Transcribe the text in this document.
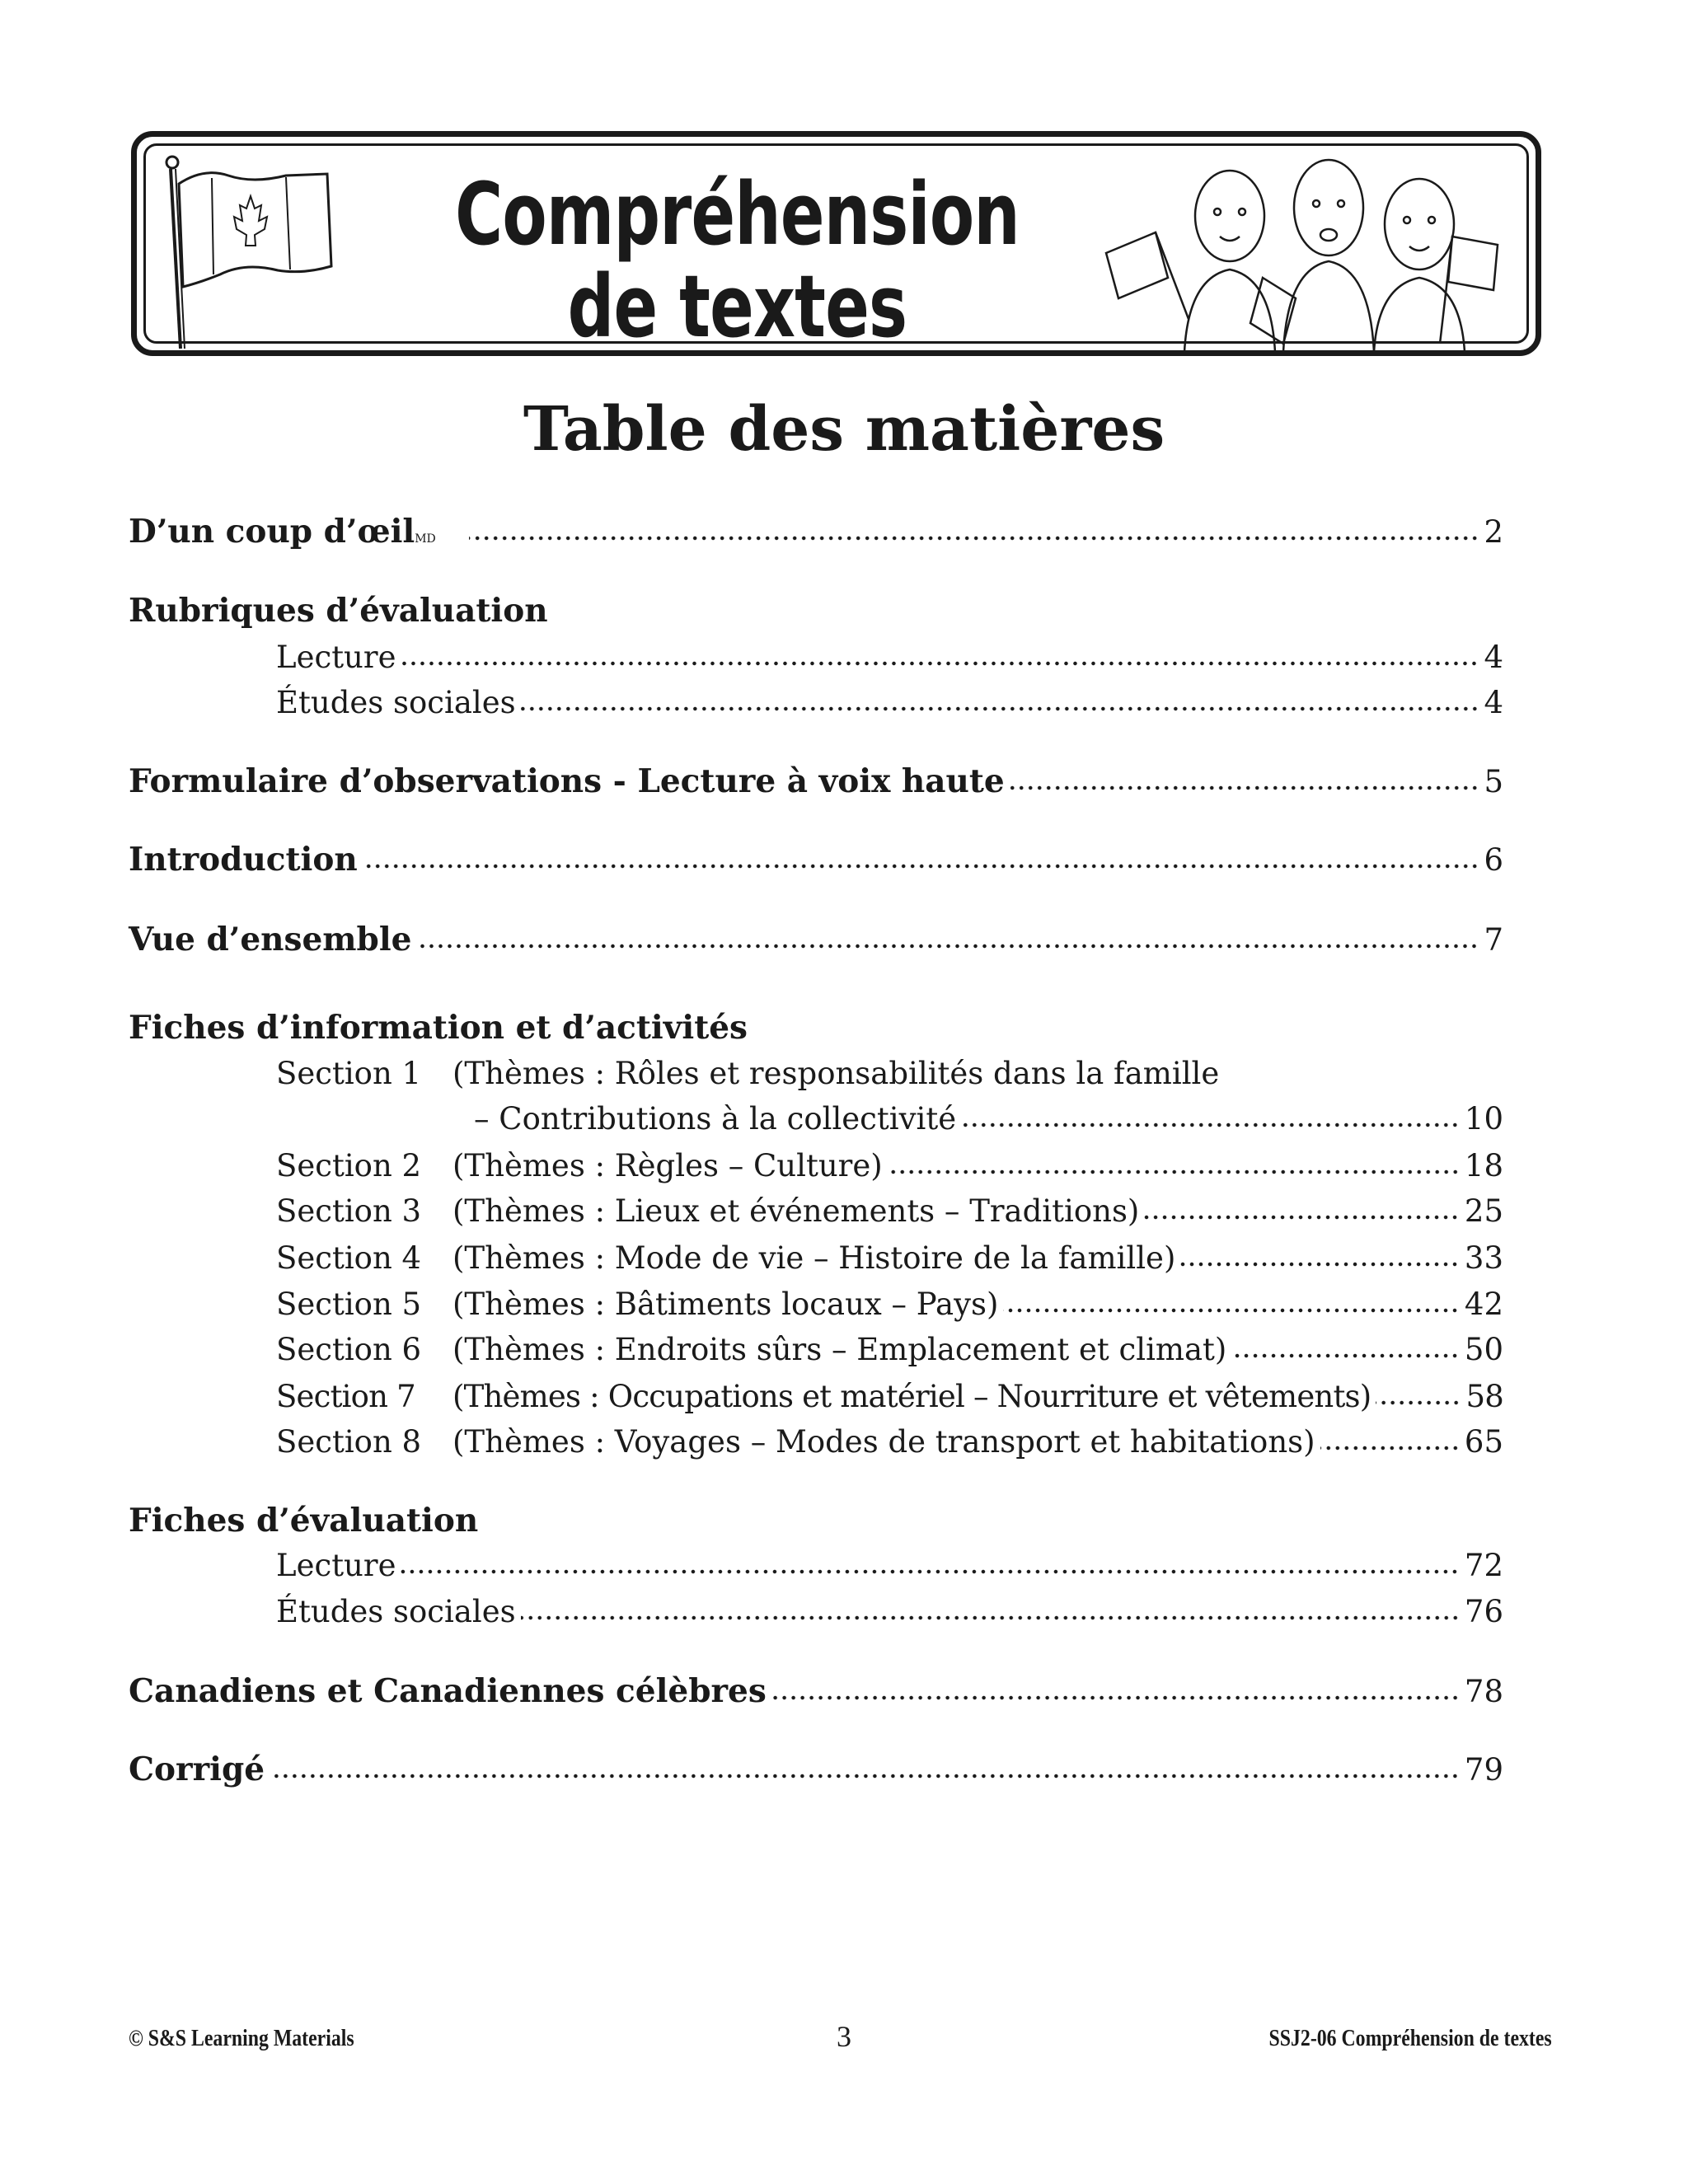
Compréhension
de textes
Table des matières
D’un coup d’œil$_{MD}$	2
Rubriques d’évaluation
Lecture	4
Études sociales	4
Formulaire d’observations - Lecture à voix haute	5
Introduction	6
Vue d’ensemble	7
Fiches d’information et d’activités
Section 1	(Thèmes : Rôles et responsabilités dans la famille
– Contributions à la collectivité	10
Section 2	(Thèmes : Règles – Culture)	18
Section 3	(Thèmes : Lieux et événements – Traditions)	25
Section 4	(Thèmes : Mode de vie – Histoire de la famille)	33
Section 5	(Thèmes : Bâtiments locaux – Pays)	42
Section 6	(Thèmes : Endroits sûrs – Emplacement et climat)	50
Section 7	(Thèmes : Occupations et matériel – Nourriture et vêtements)	58
Section 8	(Thèmes : Voyages – Modes de transport et habitations)	65
Fiches d’évaluation
Lecture	72
Études sociales	76
Canadiens et Canadiennes célèbres	78
Corrigé	79
© S&S Learning Materials	3	SSJ2-06 Compréhension de textes
